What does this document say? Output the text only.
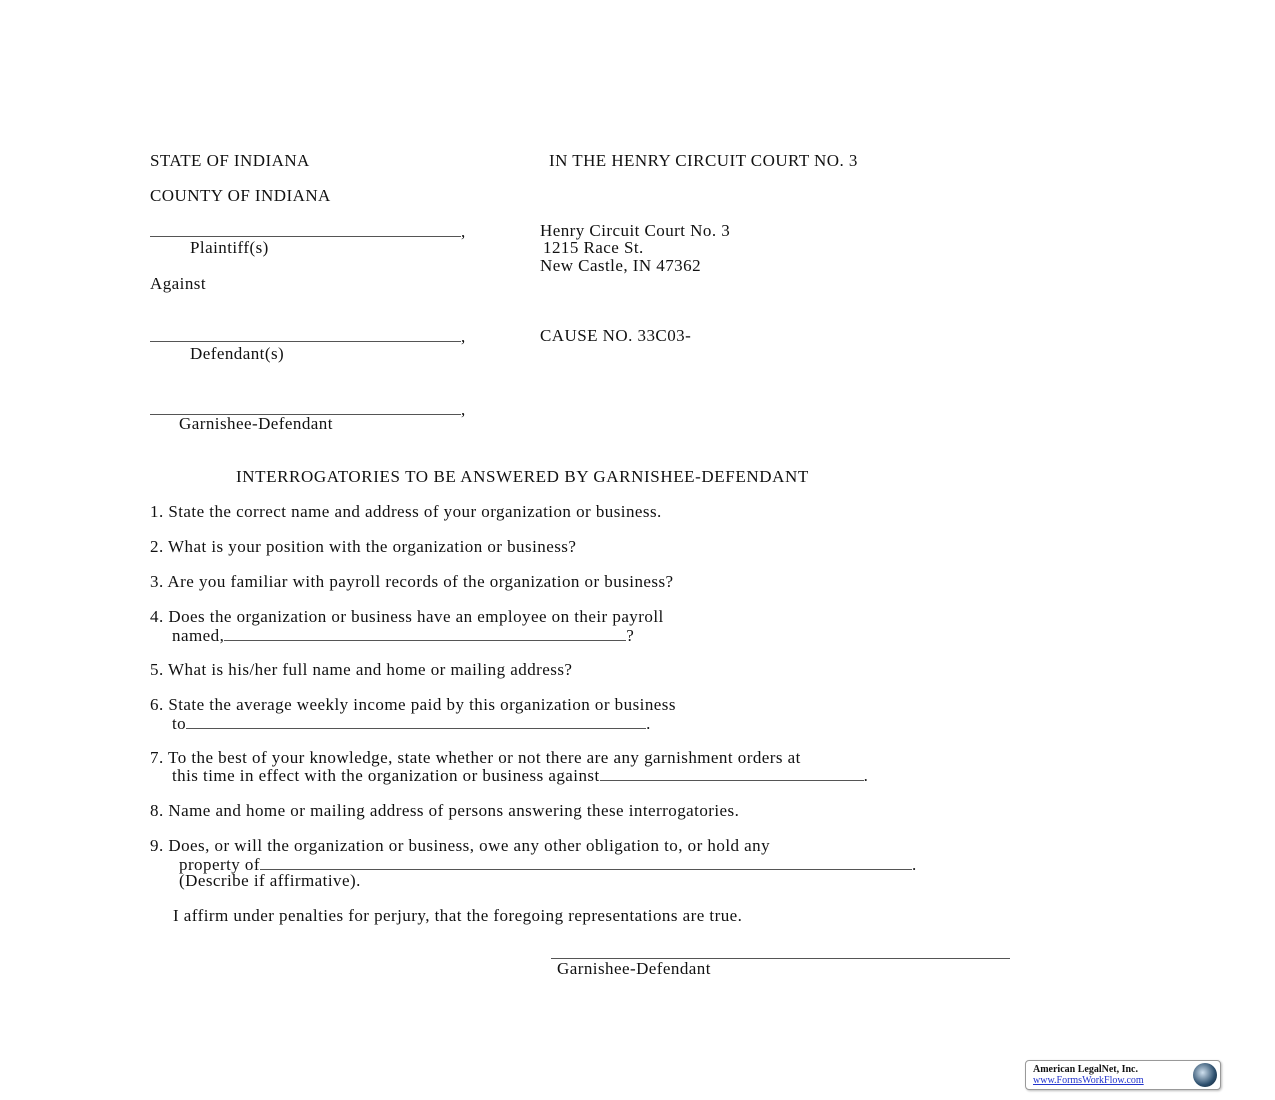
STATE OF INDIANA	IN THE HENRY CIRCUIT COURT NO. 3
COUNTY OF INDIANA
,	Henry Circuit Court No. 3
Plaintiff(s)	1215 Race St.
New Castle, IN 47362
Against
,	CAUSE NO. 33C03-
Defendant(s)
,
Garnishee-Defendant
INTERROGATORIES TO BE ANSWERED BY GARNISHEE-DEFENDANT
1. State the correct name and address of your organization or business.
2. What is your position with the organization or business?
3. Are you familiar with payroll records of the organization or business?
4. Does the organization or business have an employee on their payroll
named,	?
5. What is his/her full name and home or mailing address?
6. State the average weekly income paid by this organization or business
to	.
7. To the best of your knowledge, state whether or not there are any garnishment orders at
this time in effect with the organization or business against	.
8. Name and home or mailing address of persons answering these interrogatories.
9. Does, or will the organization or business, owe any other obligation to, or hold any
property of	.
(Describe if affirmative).
I affirm under penalties for perjury, that the foregoing representations are true.
Garnishee-Defendant
American LegalNet, Inc.
www.FormsWorkFlow.com
